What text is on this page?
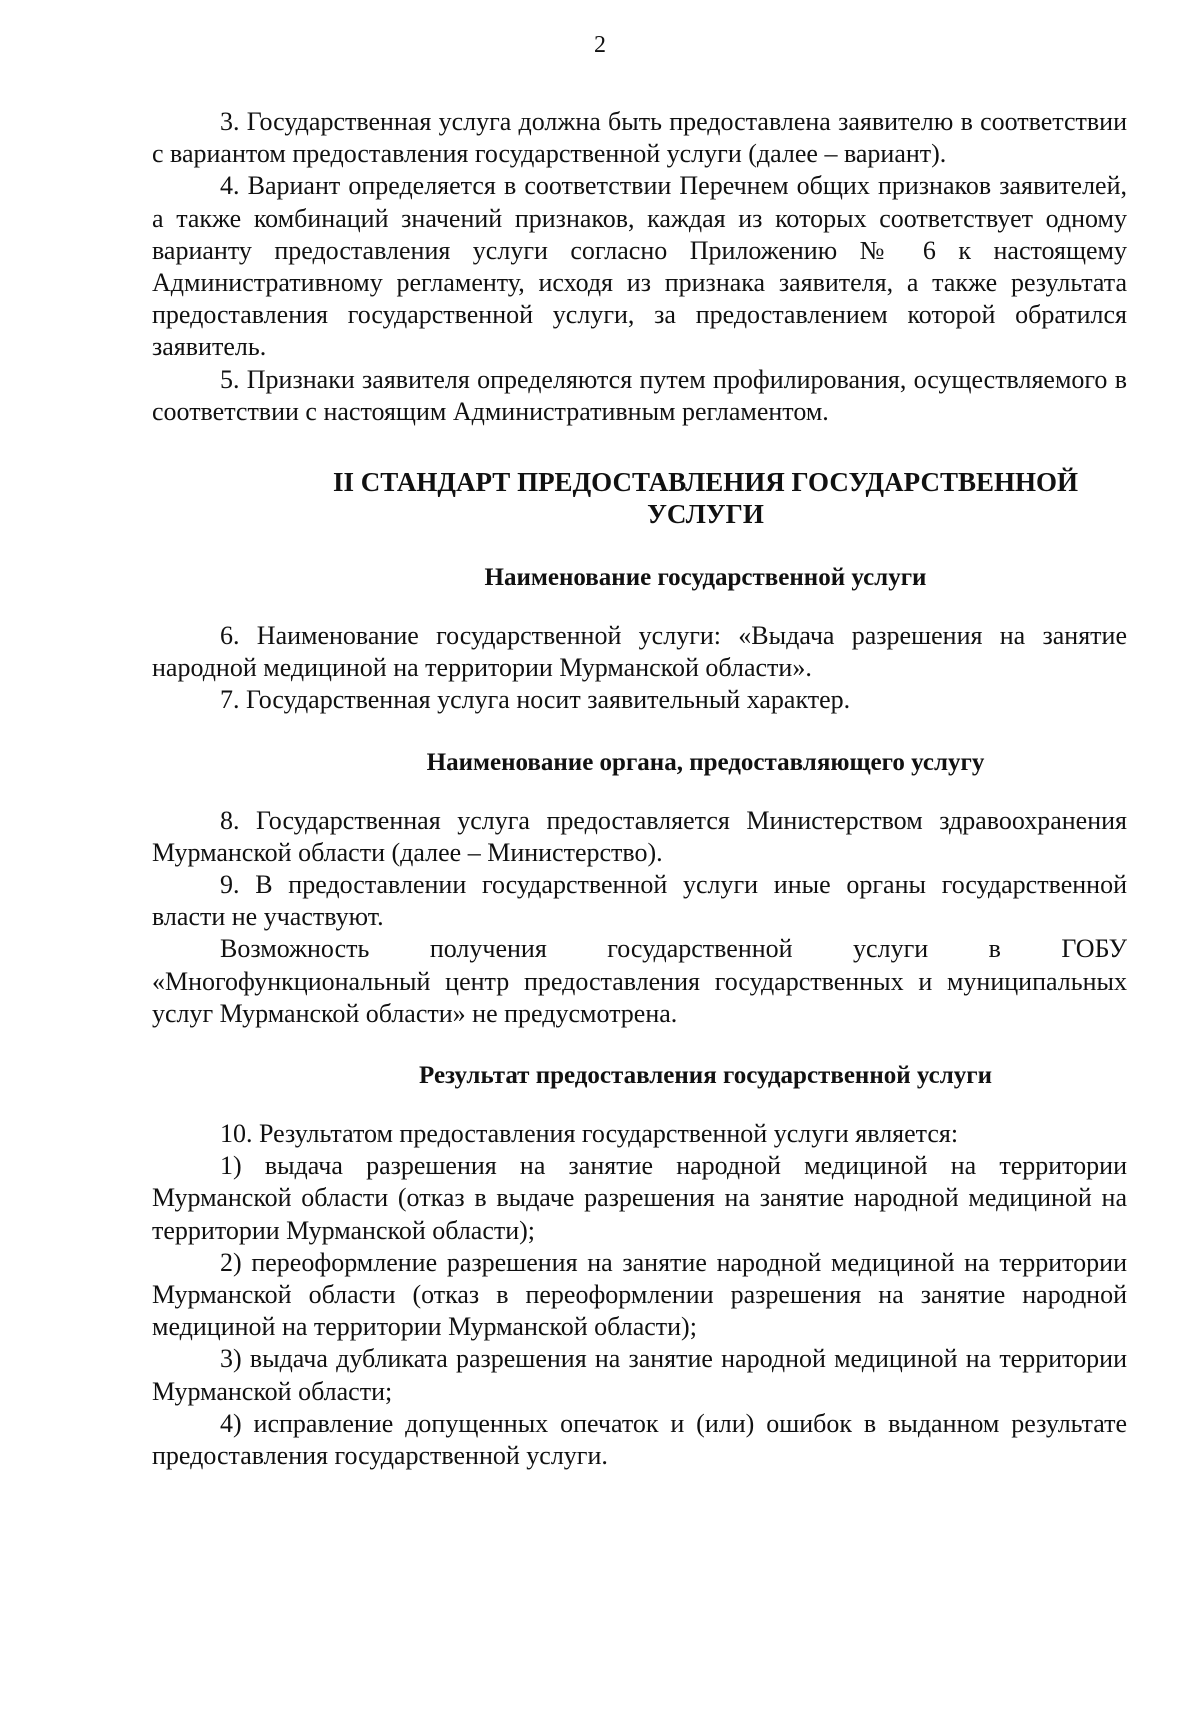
2

3. Государственная услуга должна быть предоставлена заявителю в соответствии с вариантом предоставления государственной услуги (далее – вариант).

4. Вариант определяется в соответствии Перечнем общих признаков заявителей, а также комбинаций значений признаков, каждая из которых соответствует одному варианту предоставления услуги согласно Приложению № 6 к настоящему Административному регламенту, исходя из признака заявителя, а также результата предоставления государственной услуги, за предоставлением которой обратился заявитель.

5. Признаки заявителя определяются путем профилирования, осуществляемого в соответствии с настоящим Административным регламентом.

II СТАНДАРТ ПРЕДОСТАВЛЕНИЯ ГОСУДАРСТВЕННОЙ
УСЛУГИ
Наименование государственной услуги

6. Наименование государственной услуги: «Выдача разрешения на занятие народной медициной на территории Мурманской области».

7. Государственная услуга носит заявительный характер.

Наименование органа, предоставляющего услугу

8. Государственная услуга предоставляется Министерством здравоохранения Мурманской области (далее – Министерство).

9. В предоставлении государственной услуги иные органы государственной власти не участвуют.

Возможность получения государственной услуги в ГОБУ «Многофункциональный центр предоставления государственных и муниципальных услуг Мурманской области» не предусмотрена.

Результат предоставления государственной услуги

10. Результатом предоставления государственной услуги является:

1) выдача разрешения на занятие народной медициной на территории Мурманской области (отказ в выдаче разрешения на занятие народной медициной на территории Мурманской области);

2) переоформление разрешения на занятие народной медициной на территории Мурманской области (отказ в переоформлении разрешения на занятие народной медициной на территории Мурманской области);

3) выдача дубликата разрешения на занятие народной медициной на территории Мурманской области;

4) исправление допущенных опечаток и (или) ошибок в выданном результате предоставления государственной услуги.
